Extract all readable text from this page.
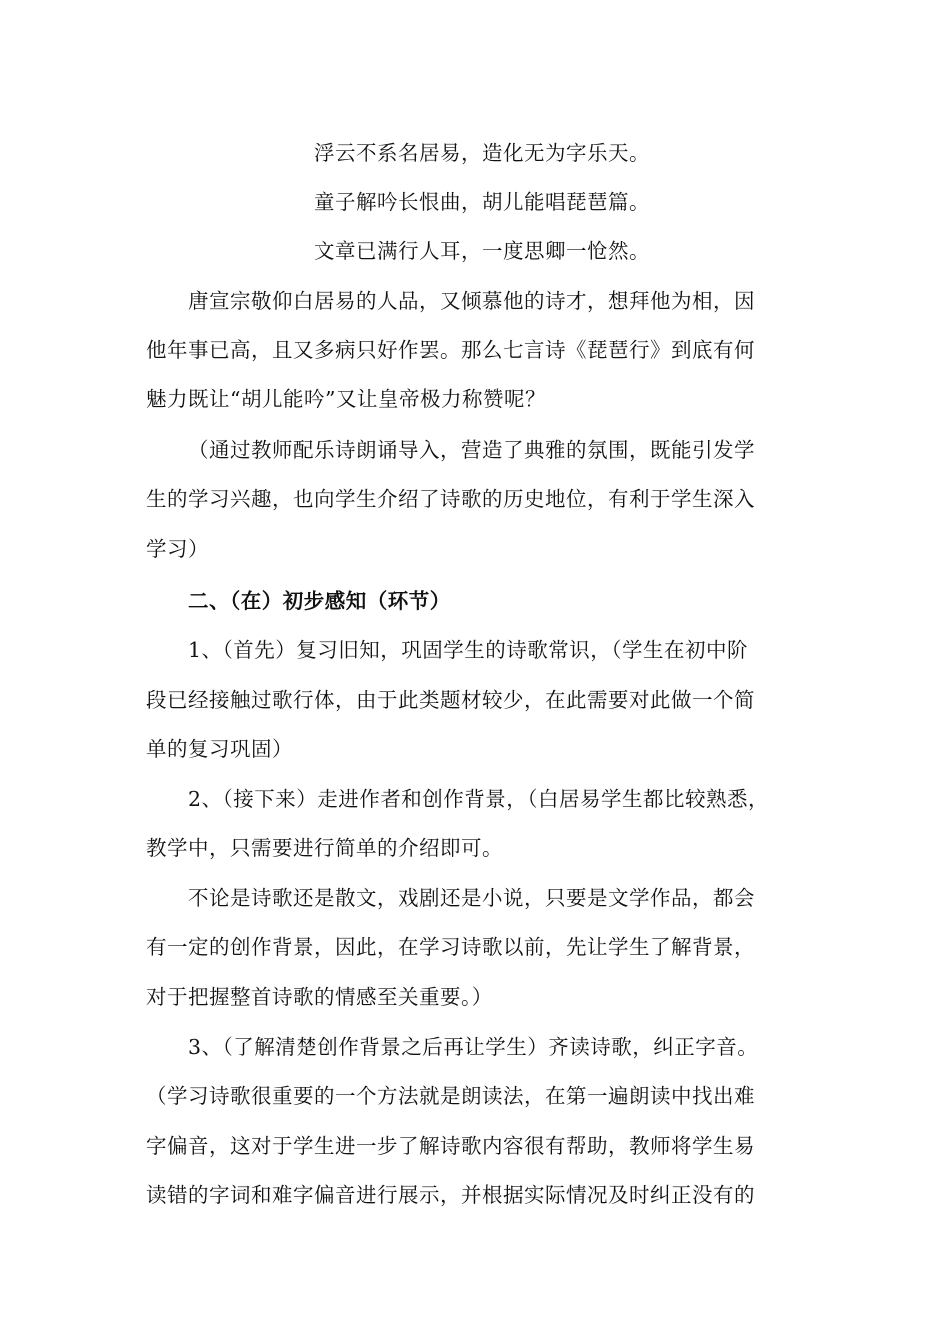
浮云不系名居易，造化无为字乐天。
童子解吟长恨曲，胡儿能唱琵琶篇。
文章已满行人耳，一度思卿一怆然。
唐宣宗敬仰白居易的人品，又倾慕他的诗才，想拜他为相，因
他年事已高，且又多病只好作罢。那么七言诗《琵琶行》到底有何
魅力既让“胡儿能吟”又让皇帝极力称赞呢？
（通过教师配乐诗朗诵导入，营造了典雅的氛围，既能引发学
生的学习兴趣，也向学生介绍了诗歌的历史地位，有利于学生深入
学习）
二、（在）初步感知（环节）
1、（首先）复习旧知，巩固学生的诗歌常识，（学生在初中阶
段已经接触过歌行体，由于此类题材较少，在此需要对此做一个简
单的复习巩固）
2、（接下来）走进作者和创作背景，（白居易学生都比较熟悉，
教学中，只需要进行简单的介绍即可。
不论是诗歌还是散文，戏剧还是小说，只要是文学作品，都会
有一定的创作背景，因此，在学习诗歌以前，先让学生了解背景，
对于把握整首诗歌的情感至关重要。）
3、（了解清楚创作背景之后再让学生）齐读诗歌，纠正字音。
（学习诗歌很重要的一个方法就是朗读法，在第一遍朗读中找出难
字偏音，这对于学生进一步了解诗歌内容很有帮助，教师将学生易
读错的字词和难字偏音进行展示，并根据实际情况及时纠正没有的
